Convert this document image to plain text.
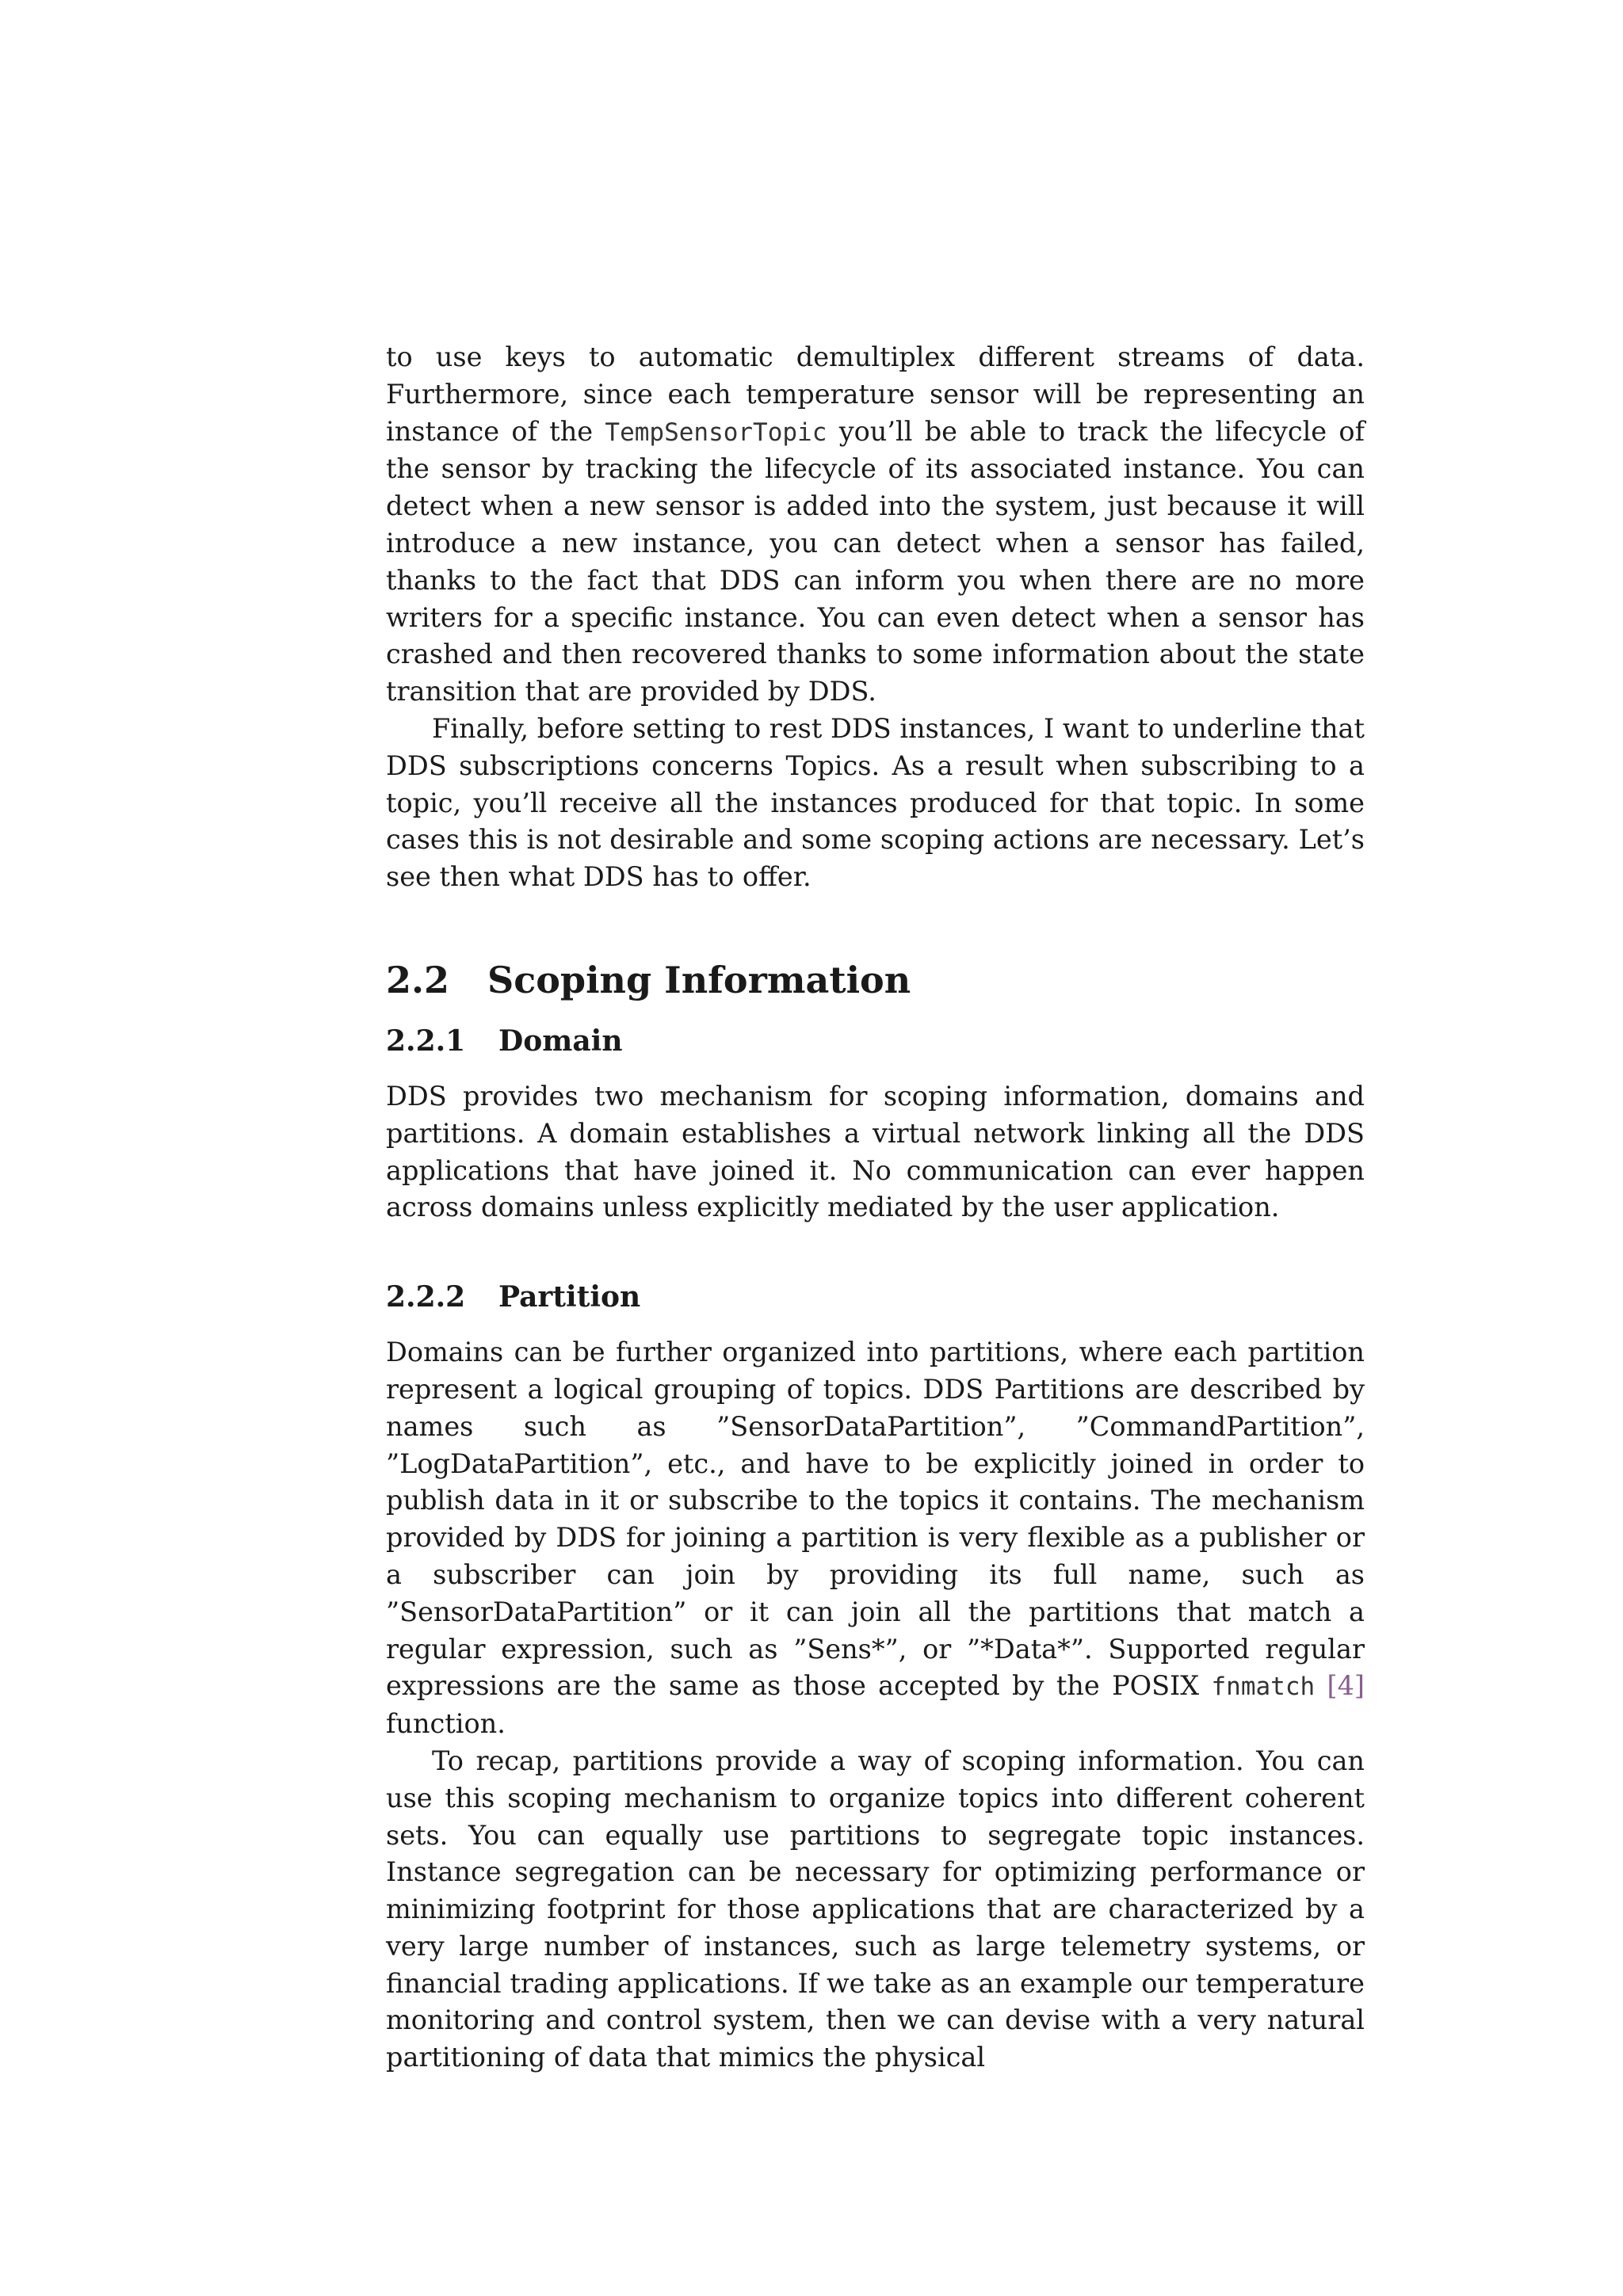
to use keys to automatic demultiplex different streams of data. Furthermore, since each temperature sensor will be representing an instance of the TempSensorTopic you’ll be able to track the lifecycle of the sensor by tracking the lifecycle of its associated instance. You can detect when a new sensor is added into the system, just because it will introduce a new instance, you can detect when a sensor has failed, thanks to the fact that DDS can inform you when there are no more writers for a specific instance. You can even detect when a sensor has crashed and then recovered thanks to some information about the state transition that are provided by DDS.

Finally, before setting to rest DDS instances, I want to underline that DDS subscriptions concerns Topics. As a result when subscribing to a topic, you’ll receive all the instances produced for that topic. In some cases this is not desirable and some scoping actions are necessary. Let’s see then what DDS has to offer.

2.2	Scoping Information
2.2.1	Domain

DDS provides two mechanism for scoping information, domains and partitions. A domain establishes a virtual network linking all the DDS applications that have joined it. No communication can ever happen across domains unless explicitly mediated by the user application.

2.2.2	Partition

Domains can be further organized into partitions, where each partition represent a logical grouping of topics. DDS Partitions are described by names such as ”SensorDataPartition”, ”CommandPartition”, ”LogDataPartition”, etc., and have to be explicitly joined in order to publish data in it or subscribe to the topics it contains. The mechanism provided by DDS for joining a partition is very flexible as a publisher or a subscriber can join by providing its full name, such as ”SensorDataPartition” or it can join all the partitions that match a regular expression, such as ”Sens*”, or ”*Data*”. Supported regular expressions are the same as those accepted by the POSIX fnmatch [4] function.

To recap, partitions provide a way of scoping information. You can use this scoping mechanism to organize topics into different coherent sets. You can equally use partitions to segregate topic instances. Instance segregation can be necessary for optimizing performance or minimizing footprint for those applications that are characterized by a very large number of instances, such as large telemetry systems, or financial trading applications. If we take as an example our temperature monitoring and control system, then we can devise with a very natural partitioning of data that mimics the physical
